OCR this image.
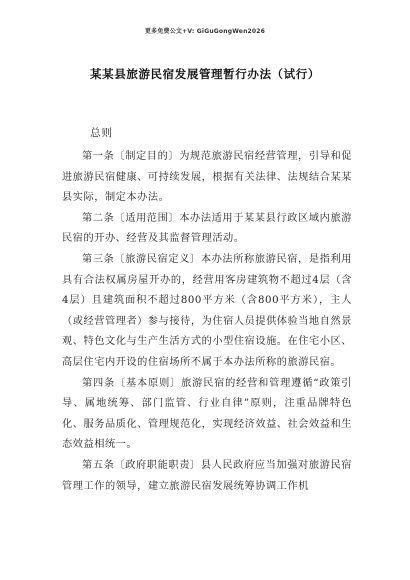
更多免费公文+V: GiGuGongWen2026
某某县旅游民宿发展管理暂行办法（试行）
总则

第一条〔制定目的〕为规范旅游民宿经营管理，引导和促进旅游民宿健康、可持续发展，根据有关法律、法规结合某某县实际，制定本办法。

第二条〔适用范围〕本办法适用于某某县行政区域内旅游民宿的开办、经营及其监督管理活动。

第三条〔旅游民宿定义〕本办法所称旅游民宿，是指利用具有合法权属房屋开办的，经营用客房建筑物不超过4层（含4层）且建筑面积不超过800平方米（含800平方米），主人（或经营管理者）参与接待，为住宿人员提供体验当地自然景观、特色文化与生产生活方式的小型住宿设施。在住宅小区、高层住宅内开设的住宿场所不属于本办法所称的旅游民宿。

第四条〔基本原则〕旅游民宿的经营和管理遵循“政策引导、属地统筹、部门监管、行业自律”原则，注重品牌特色化、服务品质化、管理规范化，实现经济效益、社会效益和生态效益相统一。

第五条〔政府职能职责〕县人民政府应当加强对旅游民宿管理工作的领导，建立旅游民宿发展统筹协调工作机
